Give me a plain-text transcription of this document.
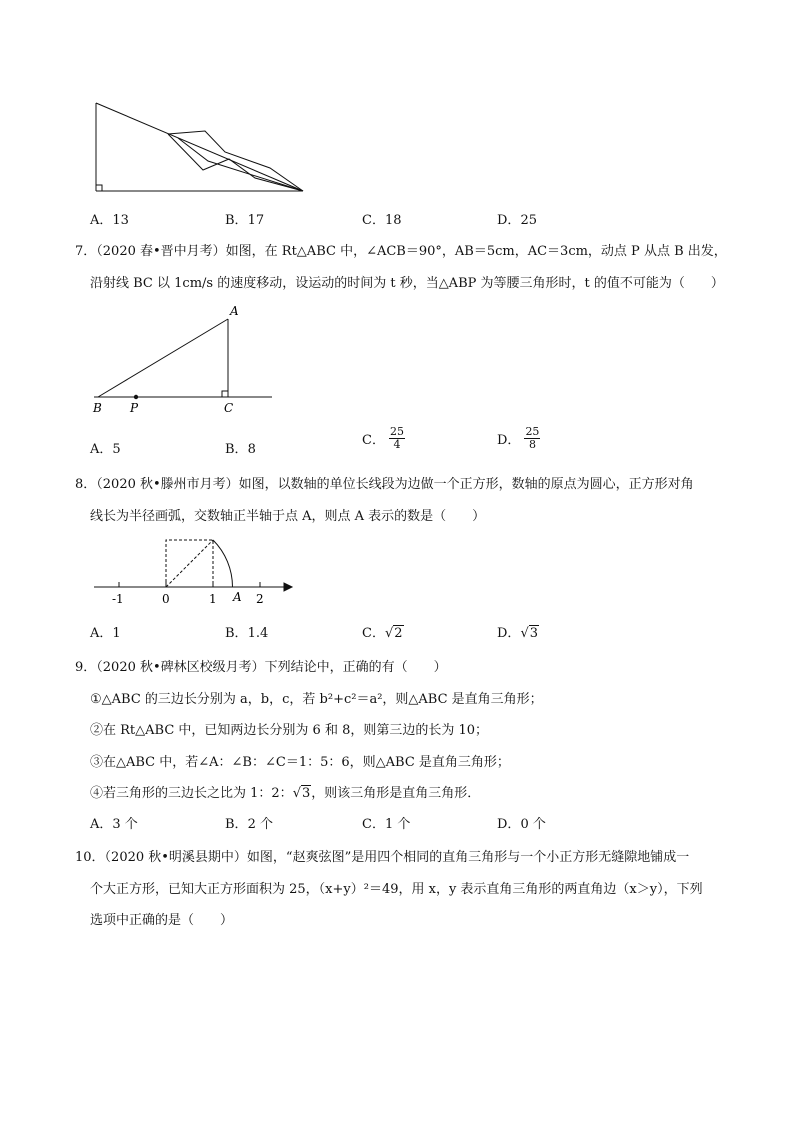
A．13	B．17	C．18	D．25
7．（2020 春•晋中月考）如图，在 Rt△ABC 中，∠ACB＝90°，AB＝5cm，AC＝3cm，动点 P 从点 B 出发，
沿射线 BC 以 1cm/s 的速度移动，设运动的时间为 t 秒，当△ABP 为等腰三角形时，t 的值不可能为（　　）
A
B P	C
A．5	B．8
C． $\frac{25}{4}$	D． $\frac{25}{8}$
8．（2020 秋•滕州市月考）如图，以数轴的单位长线段为边做一个正方形，数轴的原点为圆心，正方形对角
线长为半径画弧，交数轴正半轴于点 A，则点 A 表示的数是（　　）
-1	0	1 A 2
A．1	B．1.4	C．√2	D．√3
9．（2020 秋•碑林区校级月考）下列结论中，正确的有（　　）
①△ABC 的三边长分别为 a，b，c，若 b²+c²＝a²，则△ABC 是直角三角形；
②在 Rt△ABC 中，已知两边长分别为 6 和 8，则第三边的长为 10；
③在△ABC 中，若∠A：∠B：∠C＝1：5：6，则△ABC 是直角三角形；
④若三角形的三边长之比为 1：2：√3，则该三角形是直角三角形．
A．3 个	B．2 个	C．1 个	D．0 个
10．（2020 秋•明溪县期中）如图，“赵爽弦图”是用四个相同的直角三角形与一个小正方形无缝隙地铺成一
个大正方形，已知大正方形面积为 25，（x+y）²＝49，用 x，y 表示直角三角形的两直角边（x＞y），下列
选项中正确的是（　　）
